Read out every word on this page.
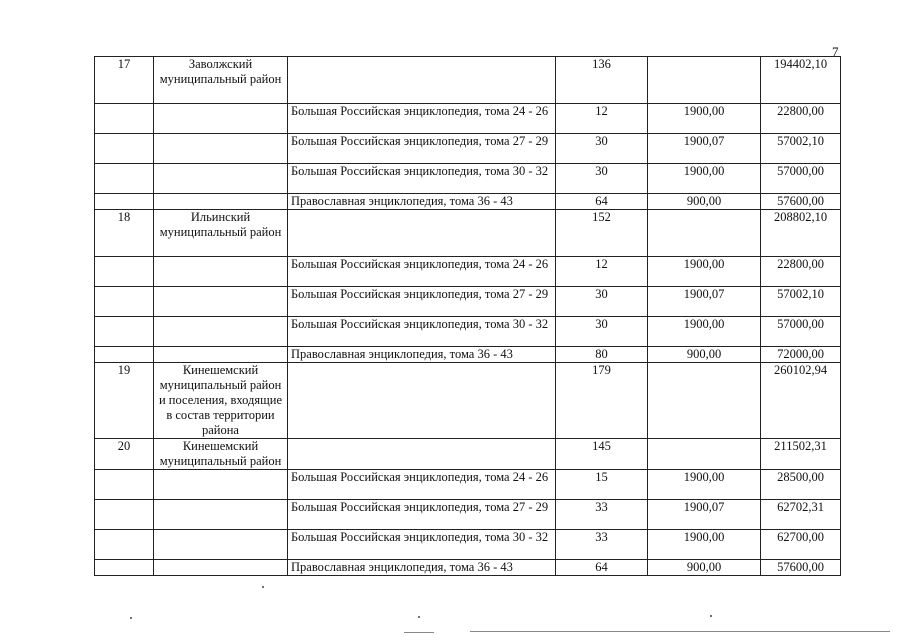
7
17	Заволжский муниципальный район		136		194402,10
		Большая Российская энциклопедия, тома 24 - 26	12	1900,00	22800,00
		Большая Российская энциклопедия, тома 27 - 29	30	1900,07	57002,10
		Большая Российская энциклопедия, тома 30 - 32	30	1900,00	57000,00
		Православная энциклопедия, тома 36 - 43	64	900,00	57600,00
18	Ильинский муниципальный район		152		208802,10
		Большая Российская энциклопедия, тома 24 - 26	12	1900,00	22800,00
		Большая Российская энциклопедия, тома 27 - 29	30	1900,07	57002,10
		Большая Российская энциклопедия, тома 30 - 32	30	1900,00	57000,00
		Православная энциклопедия, тома 36 - 43	80	900,00	72000,00
19	Кинешемский муниципальный район и поселения, входящие в состав территории района		179		260102,94
20	Кинешемский муниципальный район		145		211502,31
		Большая Российская энциклопедия, тома 24 - 26	15	1900,00	28500,00
		Большая Российская энциклопедия, тома 27 - 29	33	1900,07	62702,31
		Большая Российская энциклопедия, тома 30 - 32	33	1900,00	62700,00
		Православная энциклопедия, тома 36 - 43	64	900,00	57600,00
